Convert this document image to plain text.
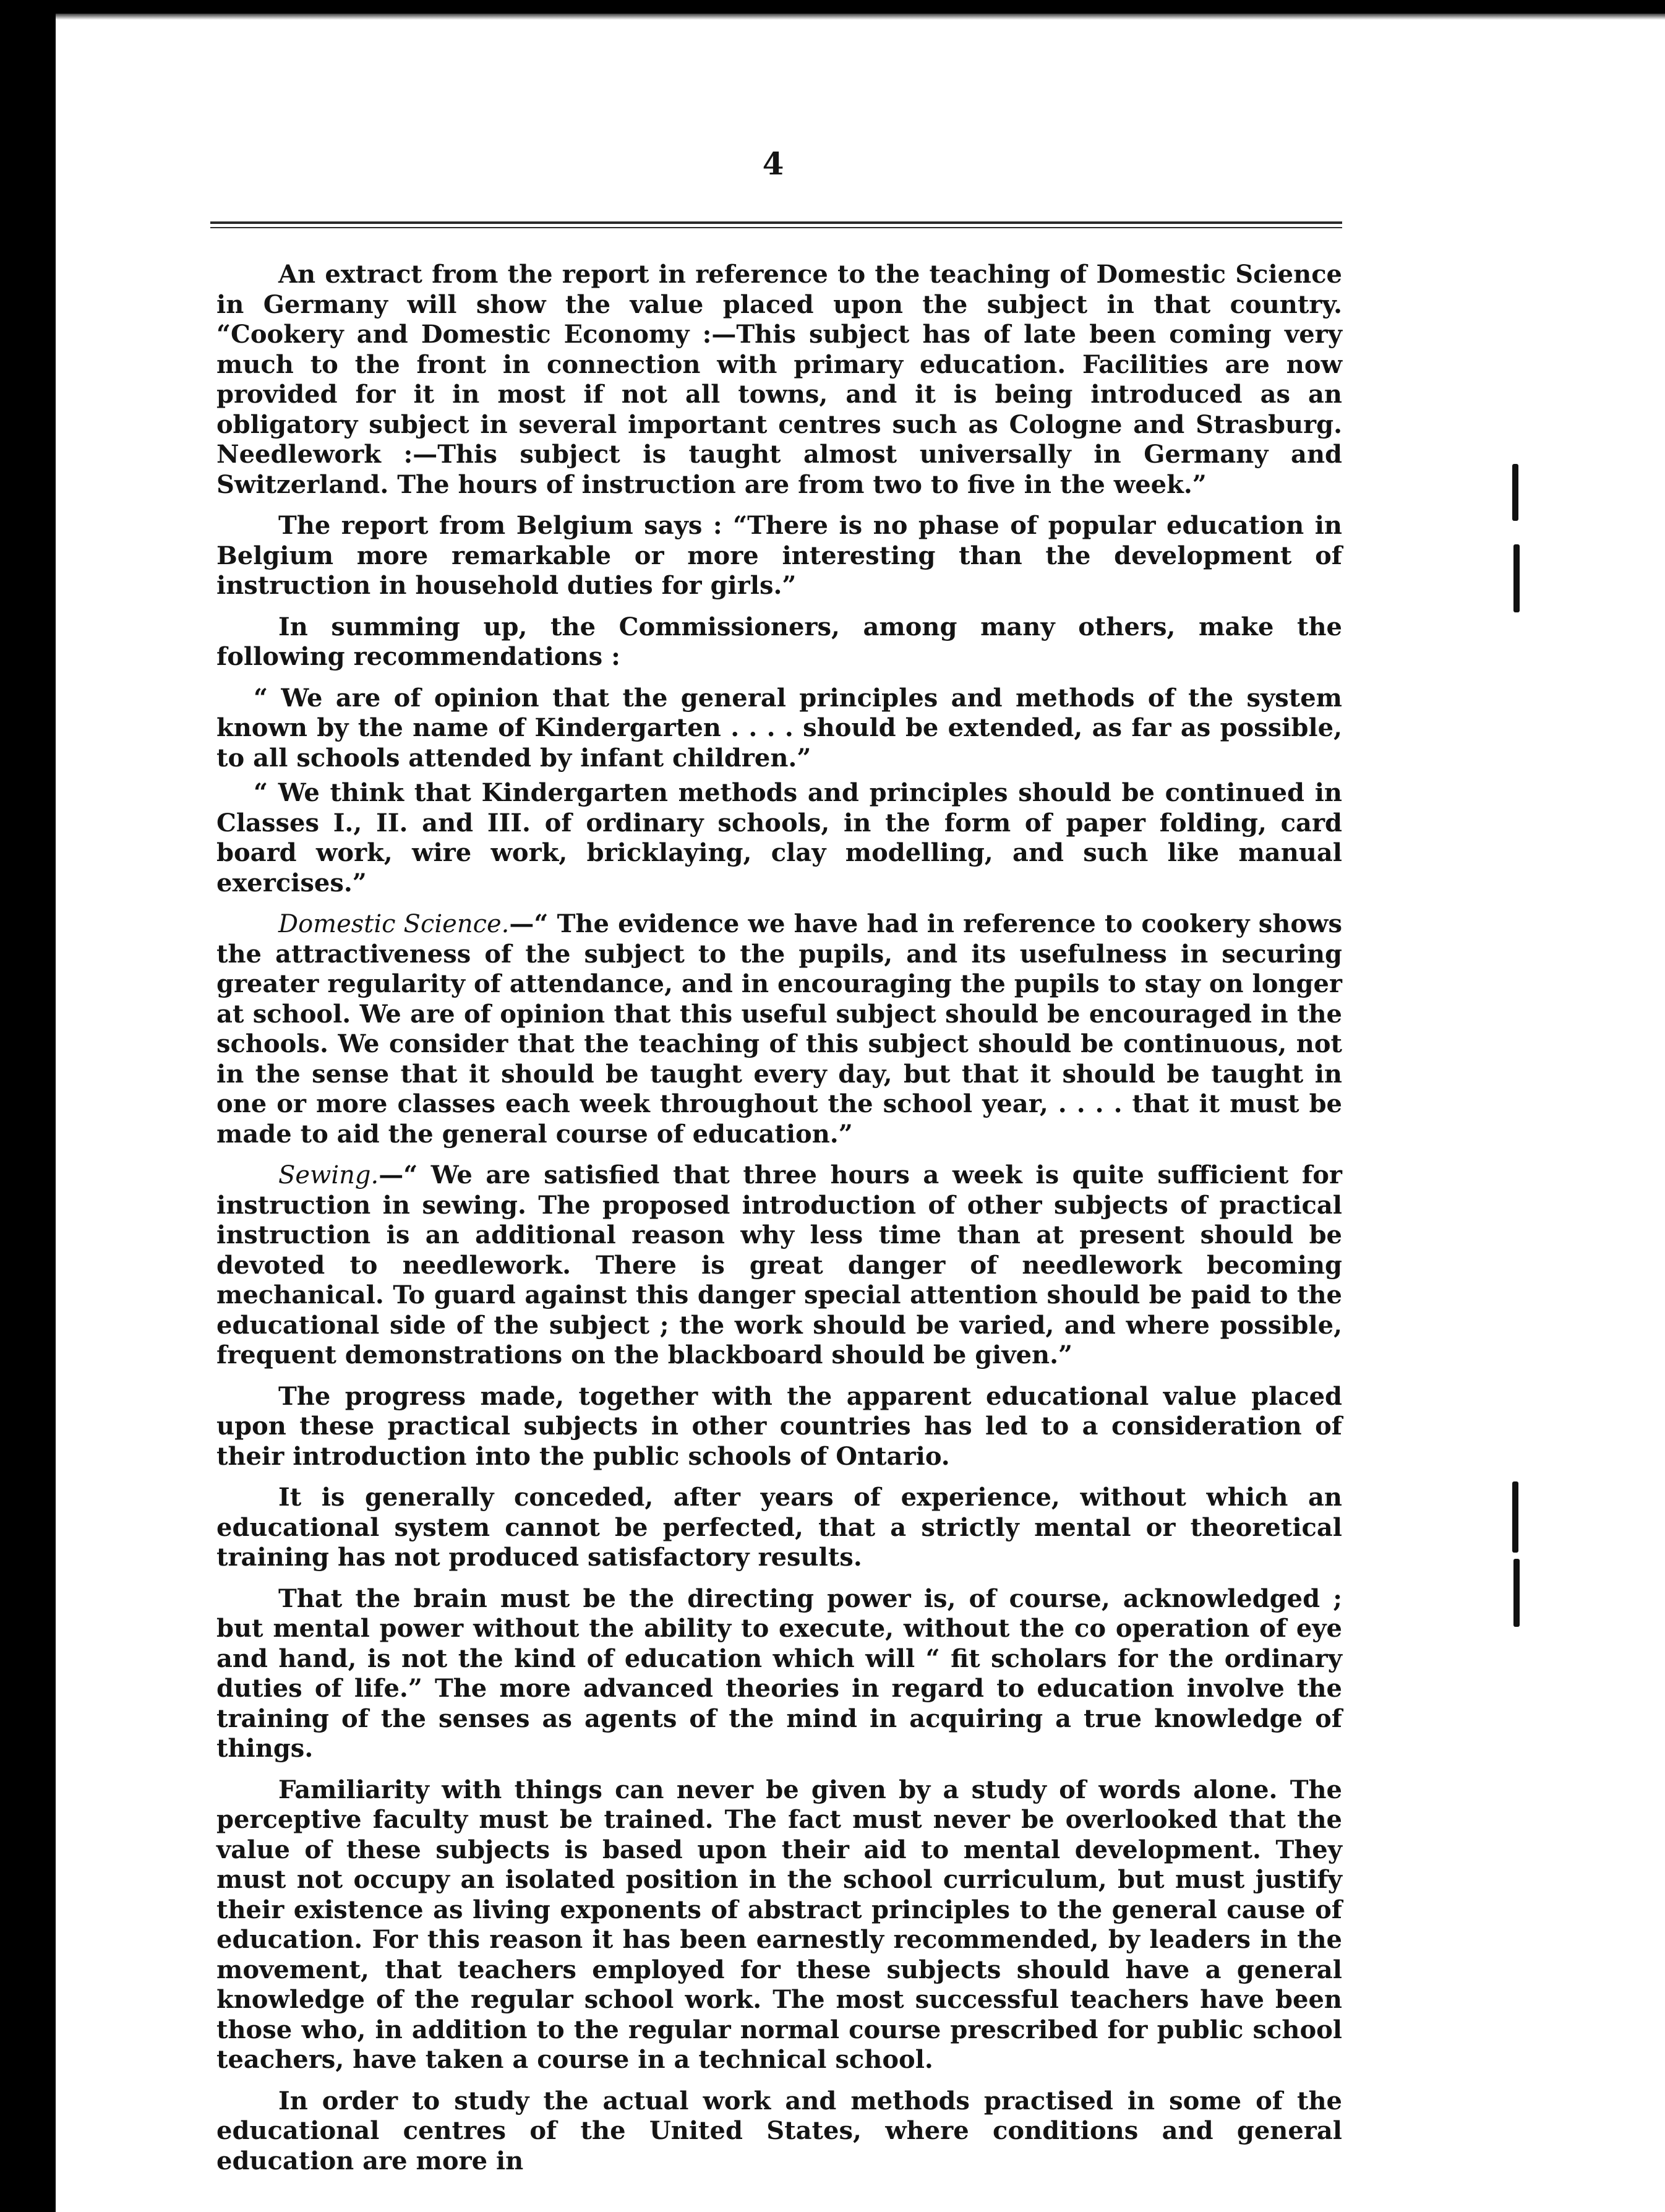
4

An extract from the report in reference to the teaching of Domestic Science in Germany will show the value placed upon the subject in that country. “Cookery and Domestic Economy :—This subject has of late been coming very much to the front in connection with primary education. Facilities are now provided for it in most if not all towns, and it is being introduced as an obligatory subject in several important centres such as Cologne and Strasburg. Needlework :—This subject is taught almost universally in Germany and Switzerland. The hours of instruction are from two to five in the week.”

The report from Belgium says : “There is no phase of popular education in Belgium more remarkable or more interesting than the development of instruction in household duties for girls.”

In summing up, the Commissioners, among many others, make the following recommendations :

“ We are of opinion that the general principles and methods of the system known by the name of Kindergarten . . . . should be extended, as far as possible, to all schools attended by infant children.”

“ We think that Kindergarten methods and principles should be continued in Classes I., II. and III. of ordinary schools, in the form of paper folding, card board work, wire work, bricklaying, clay modelling, and such like manual exercises.”

Domestic Science.—“ The evidence we have had in reference to cookery shows the attractiveness of the subject to the pupils, and its usefulness in securing greater regularity of attendance, and in encouraging the pupils to stay on longer at school. We are of opinion that this useful subject should be encouraged in the schools. We consider that the teaching of this subject should be continuous, not in the sense that it should be taught every day, but that it should be taught in one or more classes each week throughout the school year, . . . . that it must be made to aid the general course of education.”

Sewing.—“ We are satisfied that three hours a week is quite sufficient for instruction in sewing. The proposed introduction of other subjects of practical instruction is an additional reason why less time than at present should be devoted to needlework. There is great danger of needlework becoming mechanical. To guard against this danger special attention should be paid to the educational side of the subject ; the work should be varied, and where possible, frequent demonstrations on the blackboard should be given.”

The progress made, together with the apparent educational value placed upon these practical subjects in other countries has led to a consideration of their introduction into the public schools of Ontario.

It is generally conceded, after years of experience, without which an educational system cannot be perfected, that a strictly mental or theoretical training has not produced satisfactory results.

That the brain must be the directing power is, of course, acknowledged ; but mental power without the ability to execute, without the co operation of eye and hand, is not the kind of education which will “ fit scholars for the ordinary duties of life.” The more advanced theories in regard to education involve the training of the senses as agents of the mind in acquiring a true knowledge of things.

Familiarity with things can never be given by a study of words alone. The perceptive faculty must be trained. The fact must never be overlooked that the value of these subjects is based upon their aid to mental development. They must not occupy an isolated position in the school curriculum, but must justify their existence as living exponents of abstract principles to the general cause of education. For this reason it has been earnestly recommended, by leaders in the movement, that teachers employed for these subjects should have a general knowledge of the regular school work. The most successful teachers have been those who, in addition to the regular normal course prescribed for public school teachers, have taken a course in a technical school.

In order to study the actual work and methods practised in some of the educational centres of the United States, where conditions and general education are more in
